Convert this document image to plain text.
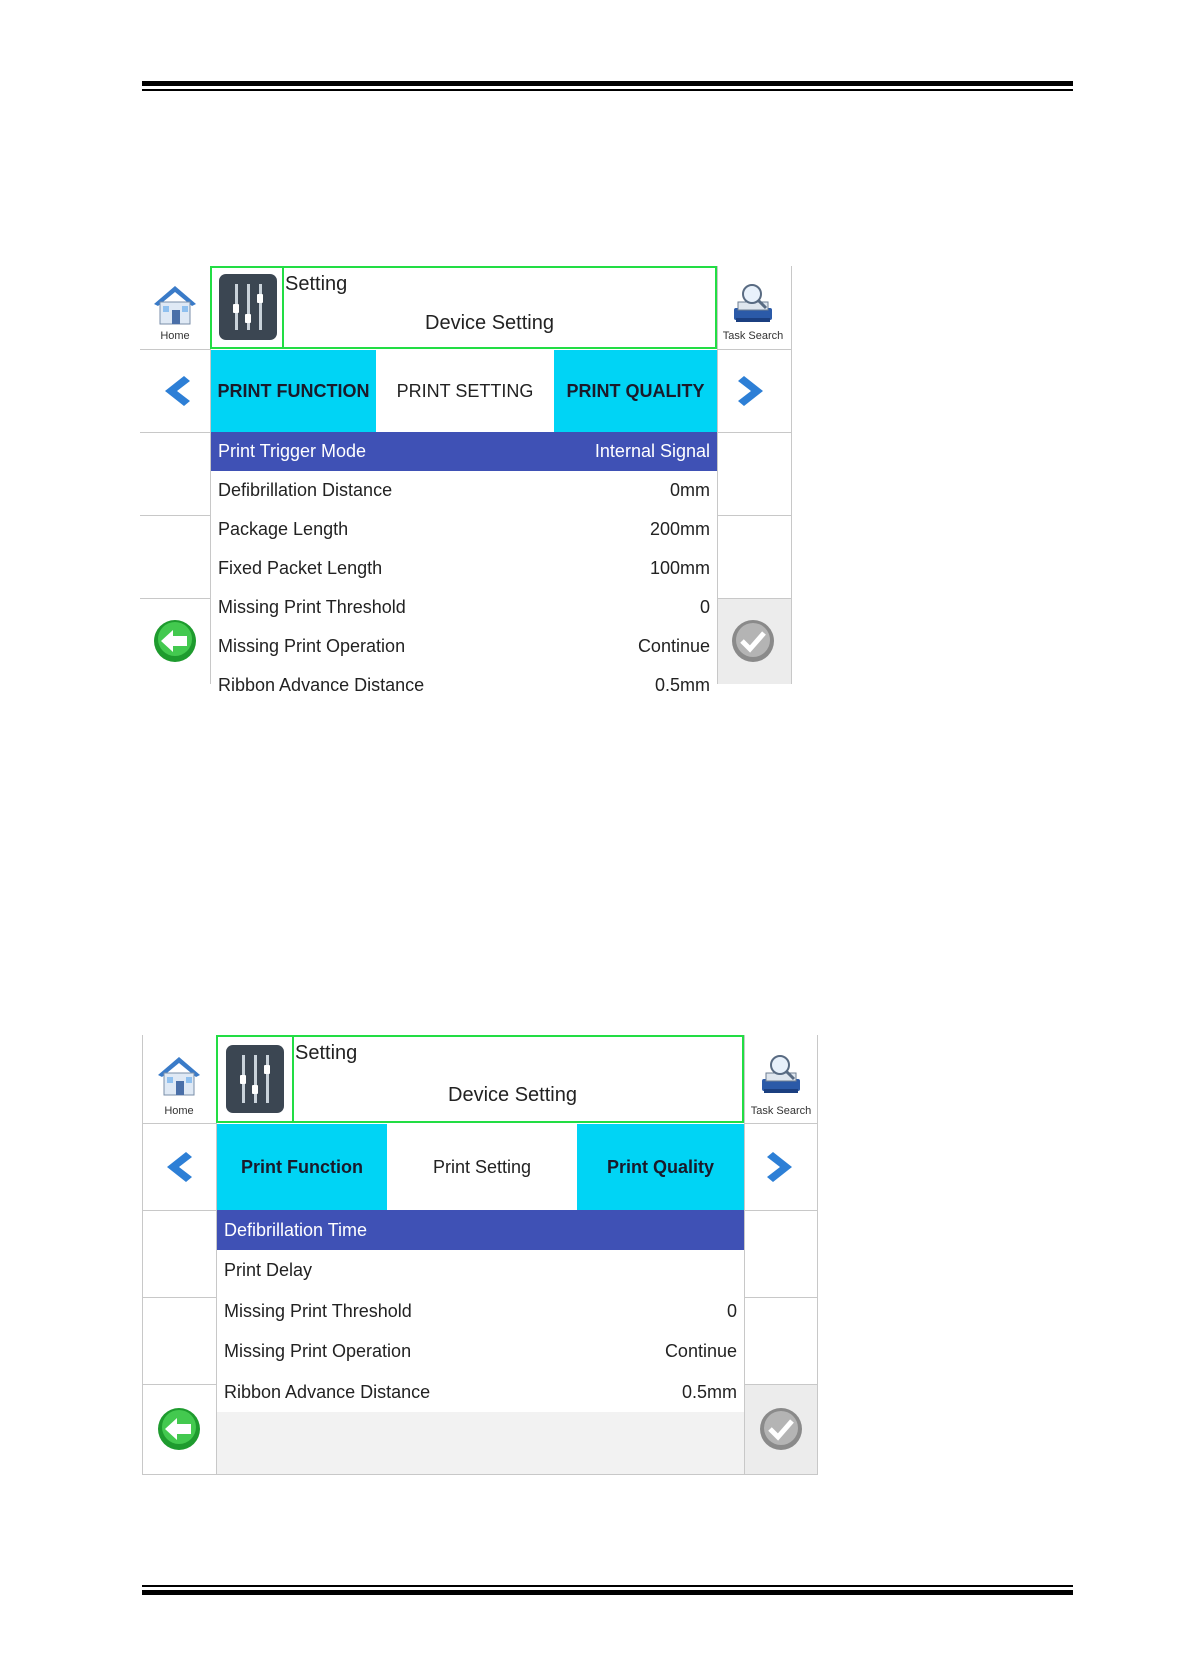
Home
Setting
Device Setting
Task Search
PRINT FUNCTION	PRINT SETTING	PRINT QUALITY
Print Trigger Mode	Internal Signal
Defibrillation Distance	0mm
Package Length	200mm
Fixed Packet Length	100mm
Missing Print Threshold	0
Missing Print Operation	Continue
Ribbon Advance Distance	0.5mm
Home
Setting
Device Setting
Task Search
Print Function	Print Setting	Print Quality
Defibrillation Time
Print Delay
Missing Print Threshold	0
Missing Print Operation	Continue
Ribbon Advance Distance	0.5mm
